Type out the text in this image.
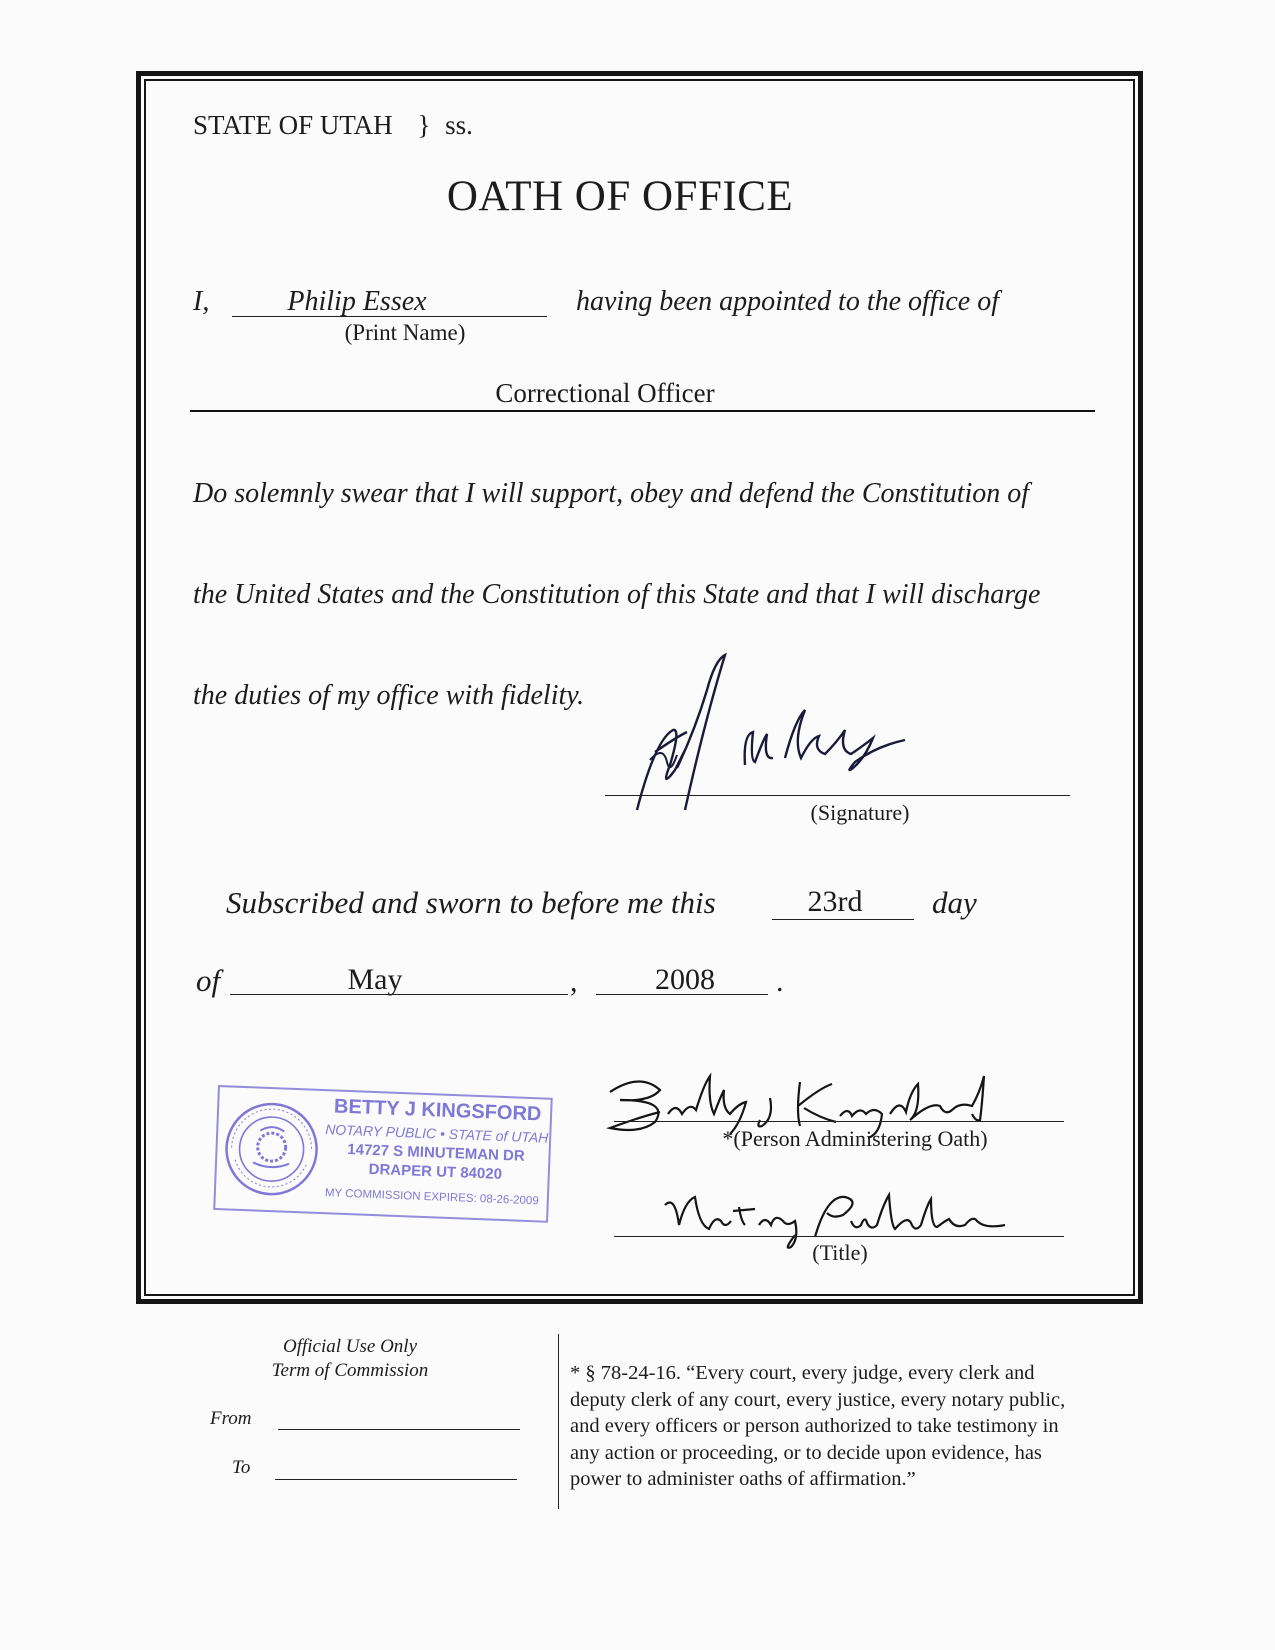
STATE OF UTAH } ss.
OATH OF OFFICE
I,	Philip Essex
(Print Name)
having been appointed to the office of
Correctional Officer
Do solemnly swear that I will support, obey and defend the Constitution of
the United States and the Constitution of this State and that I will discharge
the duties of my office with fidelity.
(Signature)
Subscribed and sworn to before me this	23rd	day
of	May	,	2008	.
BETTY J KINGSFORD
NOTARY PUBLIC • STATE of UTAH
14727 S MINUTEMAN DR
DRAPER UT 84020
MY COMMISSION EXPIRES: 08-26-2009
*(Person Administering Oath)
(Title)
Official Use Only
Term of Commission
From
To
* § 78-24-16. “Every court, every judge, every clerk and
deputy clerk of any court, every justice, every notary public,
and every officers or person authorized to take testimony in
any action or proceeding, or to decide upon evidence, has
power to administer oaths of affirmation.”
